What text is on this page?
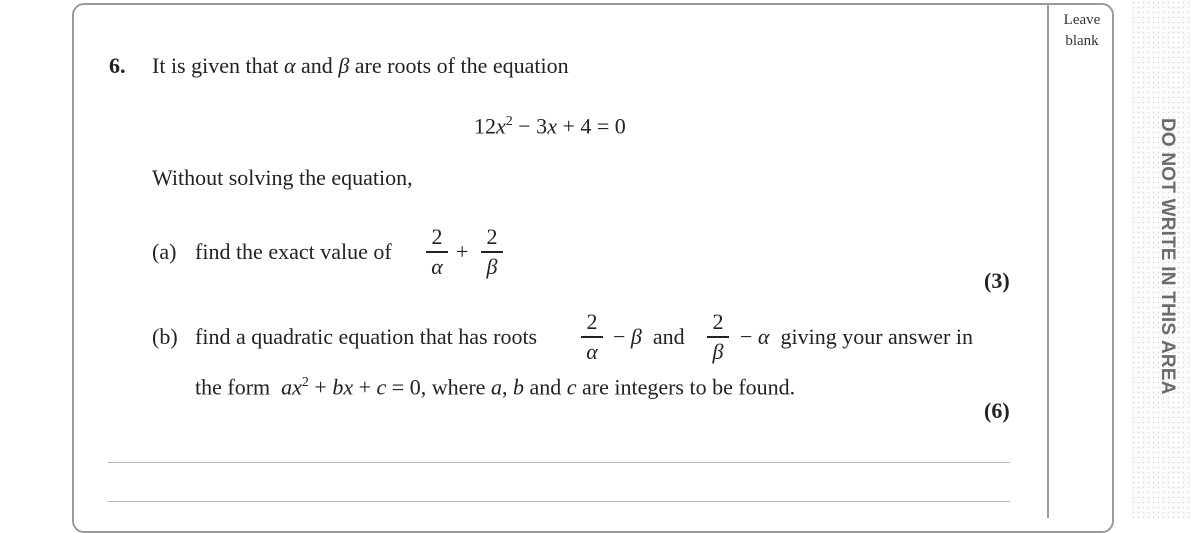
Leave
blank
DO NOT WRITE IN THIS AREA
6. It is given that α and β are roots of the equation
$12x^2 - 3x + 4 = 0$
Without solving the equation,
(a) find the exact value of
2
α
+
2
β
(3)
(b) find a quadratic equation that has roots
2
α
− β  and
2
β
− α  giving your answer in
the form  $ax^2$ + bx + c = 0, where a, b and c are integers to be found.
(6)
